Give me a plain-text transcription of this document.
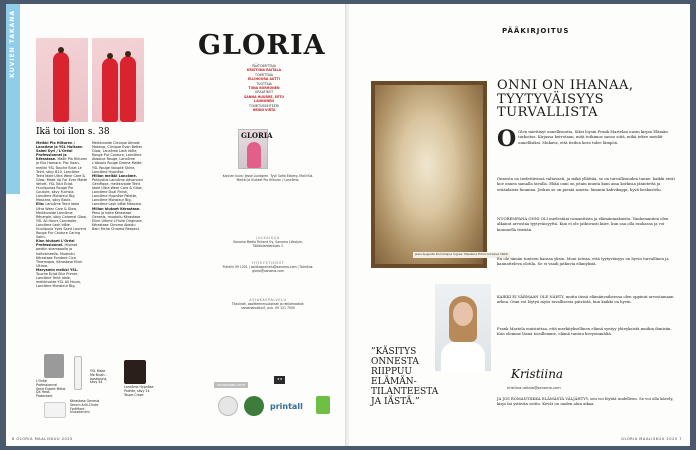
KUVIEN TAKANA
Ikä toi ilon s. 38

Meikki Pia Hilturen / Lancôme ja YSL Huiksen Saimi Syri / L'Oréal Professionnel ja Kérastase. Mallit Pia Hilturen ja Ella Hamara. Pia: Kaan-meikki YSL Touche Éclat Le Teint, sävy B10, Lancôme Teint Idole Ultra Wear Care & Glow, Make Up For Ever Matte Velvet, YSL Tout Éclat. Huulipunaa Rouge Pur Couture, sävy Fuchsia. Lancôme Monsieur Big Mascara, sävy Black.

Ella: Lancôme Teint Idole Ultra Wear Care & Glow, Meikkivoide Lancôme Rénergie, sävy Caramel Glow, YSL All Hours Concealer, Lancôme Lash Idôle. Huulipuna Yves Saint Laurent Rouge Pur Couture Caring Satin.

Kian hiukset L'Oréal Professionnel. Hiukset pestiin shampoolla ja hoitoaineella. Muotoilu Kérastase Fondant Cica Thermique, Kérastase Elixir Ultime.

Maryamin meikki YSL. Touche Éclat Blur Primer, Lancôme Teint Idole, meikkivoide YSL All Hours, Lancôme Monsieur Big.

Meikkivoide Clinique Almost Makeup, Clinique Even Better Glow, Lancôme Lash Idôle, Rouge Pur Couture, Lancôme Absolue Rouge, Lancôme L'Absolu Rouge Drama Matte, YSL Rouge Volupté Shine, Lancôme Hypnôse.

Millan meikki Lancôme. Pohjustus Lancôme Advanced Génifique, meikkivoide Teint Idole Ultra Wear Care & Glow, Lancôme Dual Finish, Lancôme Hypnôse Palette, Lancôme Monsieur Big, Lancôme Lash Idôle Mascara.

Millan hiukset Kérastase. Pesu ja hoito Kérastase Genesis, muotoilu Kérastase Elixir Ultime L'Huile Originale, Kérastase Chroma Absolu Bain Riche Chroma Respect.

L'Oréal Professionnel Serie Expert Metal DX Heat-Protectant
YSL Make Me Blush -poskipuna, sävy 44
Lancôme Hypnôse Palette, sävy 14 Taupe Craze
Kérastase Genesis Serum Anti-Chute Fortifiant -hiusseerumi
6 GLORIA MAALISKUU 2025
GLORIA
PÄÄTOIMITTAJA
KRISTIINA RAITALA
TOIMITTAJA
ELLINOORA AUTTI
TUOTTAJA
TIINA KORHONEN
GRAAFIKOT
SANNA HUURRE, EETU LAUNONEN
TOIMITUSSIHTEERI
HENNI VIRTA
GLORIA
Kannen kuva: Jesse Lundgren. Tyyli Sofia Ekberg. Malli Kia. Meikki ja hiukset Pia Hilturen / Lancôme.
JULKAISIJA
Sanoma Media Finland Oy, Sanoma Lifestyle, Töölönlahdenkatu 2
YHTEYSTIEDOT
Puhelin 09 1201 | asiakaspalvelu@sanoma.com | Toimitus: gloria@sanoma.com
ASIAKASPALVELU
Tilaukset, osoitteenmuutokset ja reklamaatiot: sanomaluotto.fi, puh. 09 121 7000
KOTIMAINEN LEHTI
★★
printall
PÄÄKIRJOITUS
Jean-Auguste Dominique Ingres: Madame Edmond Cavé 1844
ONNI ON IHANAA, TYYTYVÄISYYS TURVALLISTA
O Olen miettinyt onnellisuutta. Siksi löysin Frank Martelan uusin kirjan Elämän tarkoitus. Kirjassa kerrotaan, mitä tutkimus sanoo siitä, mikä tekee meidät onnellisiksi. Mukava, että tiedon kera tulee lämpöä.
Onnesta on tiedettävissä valtavasti, ja mikä yllättää, se on turvallisuuden tunne: kaikki eivät koe onnea samalla tavalla. Ehkä onni on jotain muuta kuin aina korkeaa jännitettä ja eräänlaista huumaa. Joskus se on pieniä asioita: lämmin kahvikuppi, hyvä keskustelu.
NUOREMPANA ONNI OLI mielestäni romanttista ja elämänmakuista. Vanhemmiten olen alkanut arvostaa tyytyväisyyttä. Kun ei ole jatkuvasti kiire, kun saa olla rauhassa ja voi kuunnella itseään.
En ole tämän tunteen kanssa yksin. Moni toteaa, että tyytyväisyys on hyvin turvallinen ja kannatteleva olotila. Se ei vaadi jatkuvia elämyksiä.
”KÄSITYS ONNESTA RIIPPUU ELÄMÄN-TILANTEESTA JA IÄSTÄ.”
KAIKKI EI VÄRMAAN OLE NÄHTY, mutta tässä elämänvaiheessa olen oppinut arvostamaan arkea. Onni voi löytyä myös tavallisesta päivästä, kun kaikki on hyvin.
Frank Martela muistuttaa, että merkityksellinen elämä syntyy yhteyksistä muihin ihmisiin. Kun olemme läsnä toisillemme, elämä tuntuu kevyemmältä.
Kristiina
kristiina.raitala@sanoma.com
JA JOS ROMANTIIKKA ELÄMÄSTÄ VÄLJÄHTYY, sen voi löytää uudelleen. Se voi olla kävely, kirja tai ystävän soitto. Kevät on uuden alun aikaa.
GLORIA MAALISKUU 2025 7
